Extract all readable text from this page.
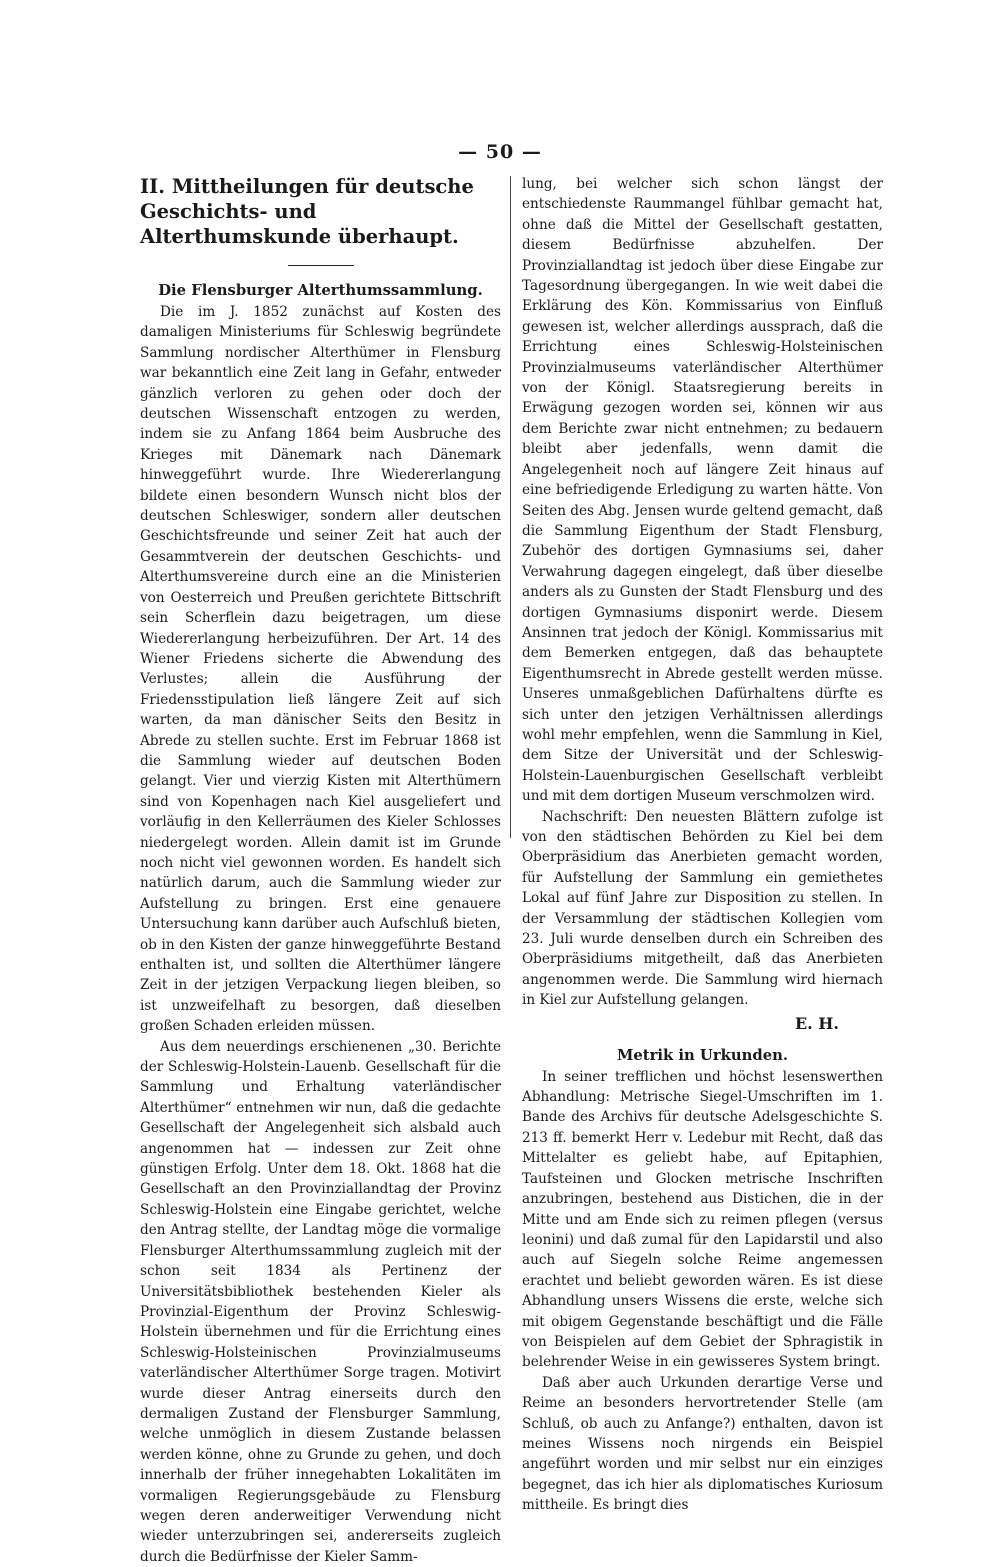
— 50 —
II. Mittheilungen für deutsche Geschichts- und Alterthumskunde überhaupt.
Die Flensburger Alterthumssammlung.

Die im J. 1852 zunächst auf Kosten des damaligen Ministeriums für Schleswig begründete Sammlung nordischer Alterthümer in Flensburg war bekanntlich eine Zeit lang in Gefahr, entweder gänzlich verloren zu gehen oder doch der deutschen Wissenschaft entzogen zu werden, indem sie zu Anfang 1864 beim Ausbruche des Krieges mit Dänemark nach Dänemark hinweggeführt wurde. Ihre Wiedererlangung bildete einen besondern Wunsch nicht blos der deutschen Schleswiger, sondern aller deutschen Geschichtsfreunde und seiner Zeit hat auch der Gesammtverein der deutschen Geschichts- und Alterthumsvereine durch eine an die Ministerien von Oesterreich und Preußen gerichtete Bittschrift sein Scherflein dazu beigetragen, um diese Wiedererlangung herbeizuführen. Der Art. 14 des Wiener Friedens sicherte die Abwendung des Verlustes; allein die Ausführung der Friedensstipulation ließ längere Zeit auf sich warten, da man dänischer Seits den Besitz in Abrede zu stellen suchte. Erst im Februar 1868 ist die Sammlung wieder auf deutschen Boden gelangt. Vier und vierzig Kisten mit Alterthümern sind von Kopenhagen nach Kiel ausgeliefert und vorläufig in den Kellerräumen des Kieler Schlosses niedergelegt worden. Allein damit ist im Grunde noch nicht viel gewonnen worden. Es handelt sich natürlich darum, auch die Sammlung wieder zur Aufstellung zu bringen. Erst eine genauere Untersuchung kann darüber auch Aufschluß bieten, ob in den Kisten der ganze hinweggeführte Bestand enthalten ist, und sollten die Alterthümer längere Zeit in der jetzigen Verpackung liegen bleiben, so ist unzweifelhaft zu besorgen, daß dieselben großen Schaden erleiden müssen.

Aus dem neuerdings erschienenen „30. Berichte der Schleswig-Holstein-Lauenb. Gesellschaft für die Sammlung und Erhaltung vaterländischer Alterthümer“ entnehmen wir nun, daß die gedachte Gesellschaft der Angelegenheit sich alsbald auch angenommen hat — indessen zur Zeit ohne günstigen Erfolg. Unter dem 18. Okt. 1868 hat die Gesellschaft an den Provinziallandtag der Provinz Schleswig-Holstein eine Eingabe gerichtet, welche den Antrag stellte, der Landtag möge die vormalige Flensburger Alterthumssammlung zugleich mit der schon seit 1834 als Pertinenz der Universitätsbibliothek bestehenden Kieler als Provinzial-Eigenthum der Provinz Schleswig-Holstein übernehmen und für die Errichtung eines Schleswig-Holsteinischen Provinzialmuseums vaterländischer Alterthümer Sorge tragen. Motivirt wurde dieser Antrag einerseits durch den dermaligen Zustand der Flensburger Sammlung, welche unmöglich in diesem Zustande belassen werden könne, ohne zu Grunde zu gehen, und doch innerhalb der früher innegehabten Lokalitäten im vormaligen Regierungsgebäude zu Flensburg wegen deren anderweitiger Verwendung nicht wieder unterzubringen sei, andererseits zugleich durch die Bedürfnisse der Kieler Samm-

lung, bei welcher sich schon längst der entschiedenste Raummangel fühlbar gemacht hat, ohne daß die Mittel der Gesellschaft gestatten, diesem Bedürfnisse abzuhelfen. Der Provinziallandtag ist jedoch über diese Eingabe zur Tagesordnung übergegangen. In wie weit dabei die Erklärung des Kön. Kommissarius von Einfluß gewesen ist, welcher allerdings aussprach, daß die Errichtung eines Schleswig-Holsteinischen Provinzialmuseums vaterländischer Alterthümer von der Königl. Staatsregierung bereits in Erwägung gezogen worden sei, können wir aus dem Berichte zwar nicht entnehmen; zu bedauern bleibt aber jedenfalls, wenn damit die Angelegenheit noch auf längere Zeit hinaus auf eine befriedigende Erledigung zu warten hätte. Von Seiten des Abg. Jensen wurde geltend gemacht, daß die Sammlung Eigenthum der Stadt Flensburg, Zubehör des dortigen Gymnasiums sei, daher Verwahrung dagegen eingelegt, daß über dieselbe anders als zu Gunsten der Stadt Flensburg und des dortigen Gymnasiums disponirt werde. Diesem Ansinnen trat jedoch der Königl. Kommissarius mit dem Bemerken entgegen, daß das behauptete Eigenthumsrecht in Abrede gestellt werden müsse. Unseres unmaßgeblichen Dafürhaltens dürfte es sich unter den jetzigen Verhältnissen allerdings wohl mehr empfehlen, wenn die Sammlung in Kiel, dem Sitze der Universität und der Schleswig-Holstein-Lauenburgischen Gesellschaft verbleibt und mit dem dortigen Museum verschmolzen wird.

Nachschrift: Den neuesten Blättern zufolge ist von den städtischen Behörden zu Kiel bei dem Oberpräsidium das Anerbieten gemacht worden, für Aufstellung der Sammlung ein gemiethetes Lokal auf fünf Jahre zur Disposition zu stellen. In der Versammlung der städtischen Kollegien vom 23. Juli wurde denselben durch ein Schreiben des Oberpräsidiums mitgetheilt, daß das Anerbieten angenommen werde. Die Sammlung wird hiernach in Kiel zur Aufstellung gelangen.

E. H.
Metrik in Urkunden.

In seiner trefflichen und höchst lesenswerthen Abhandlung: Metrische Siegel-Umschriften im 1. Bande des Archivs für deutsche Adelsgeschichte S. 213 ff. bemerkt Herr v. Ledebur mit Recht, daß das Mittelalter es geliebt habe, auf Epitaphien, Taufsteinen und Glocken metrische Inschriften anzubringen, bestehend aus Distichen, die in der Mitte und am Ende sich zu reimen pflegen (versus leonini) und daß zumal für den Lapidarstil und also auch auf Siegeln solche Reime angemessen erachtet und beliebt geworden wären. Es ist diese Abhandlung unsers Wissens die erste, welche sich mit obigem Gegenstande beschäftigt und die Fälle von Beispielen auf dem Gebiet der Sphragistik in belehrender Weise in ein gewisseres System bringt.

Daß aber auch Urkunden derartige Verse und Reime an besonders hervortretender Stelle (am Schluß, ob auch zu Anfange?) enthalten, davon ist meines Wissens noch nirgends ein Beispiel angeführt worden und mir selbst nur ein einziges begegnet, das ich hier als diplomatisches Kuriosum mittheile. Es bringt dies
